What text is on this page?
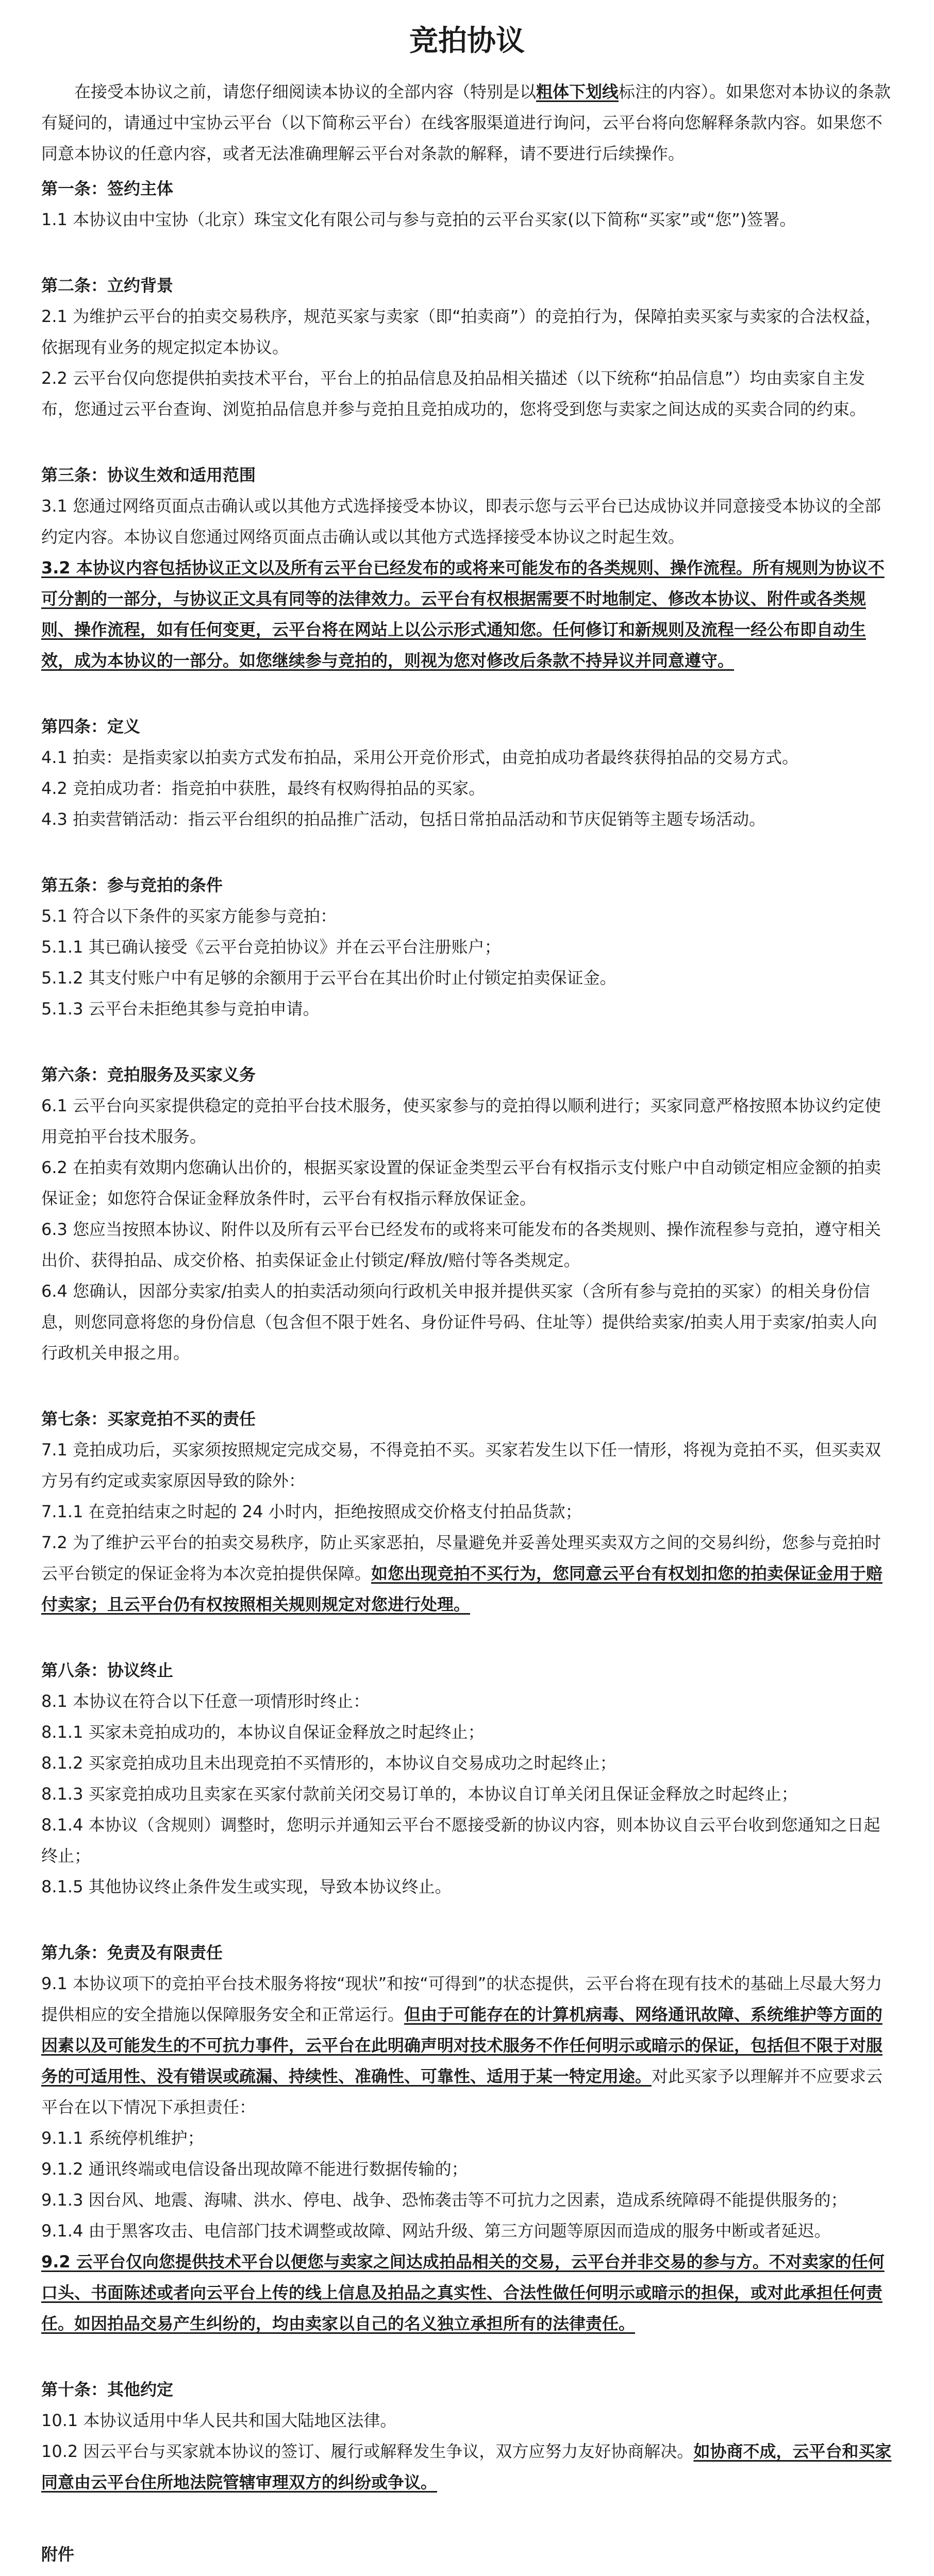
竞拍协议

在接受本协议之前，请您仔细阅读本协议的全部内容（特别是以粗体下划线标注的内容）。如果您对本协议的条款有疑问的，请通过中宝协云平台（以下简称云平台）在线客服渠道进行询问，云平台将向您解释条款内容。如果您不同意本协议的任意内容，或者无法准确理解云平台对条款的解释，请不要进行后续操作。

第一条：签约主体

1.1 本协议由中宝协（北京）珠宝文化有限公司与参与竞拍的云平台买家(以下简称“买家”或“您”)签署。

第二条：立约背景

2.1 为维护云平台的拍卖交易秩序，规范买家与卖家（即“拍卖商”）的竞拍行为，保障拍卖买家与卖家的合法权益，依据现有业务的规定拟定本协议。

2.2 云平台仅向您提供拍卖技术平台，平台上的拍品信息及拍品相关描述（以下统称“拍品信息”）均由卖家自主发布，您通过云平台查询、浏览拍品信息并参与竞拍且竞拍成功的，您将受到您与卖家之间达成的买卖合同的约束。

第三条：协议生效和适用范围

3.1 您通过网络页面点击确认或以其他方式选择接受本协议，即表示您与云平台已达成协议并同意接受本协议的全部约定内容。本协议自您通过网络页面点击确认或以其他方式选择接受本协议之时起生效。

3.2 本协议内容包括协议正文以及所有云平台已经发布的或将来可能发布的各类规则、操作流程。所有规则为协议不可分割的一部分，与协议正文具有同等的法律效力。云平台有权根据需要不时地制定、修改本协议、附件或各类规则、操作流程，如有任何变更，云平台将在网站上以公示形式通知您。任何修订和新规则及流程一经公布即自动生效，成为本协议的一部分。如您继续参与竞拍的，则视为您对修改后条款不持异议并同意遵守。

第四条：定义

4.1 拍卖：是指卖家以拍卖方式发布拍品，采用公开竞价形式，由竞拍成功者最终获得拍品的交易方式。

4.2 竞拍成功者：指竞拍中获胜，最终有权购得拍品的买家。

4.3 拍卖营销活动：指云平台组织的拍品推广活动，包括日常拍品活动和节庆促销等主题专场活动。

第五条：参与竞拍的条件

5.1 符合以下条件的买家方能参与竞拍：

5.1.1 其已确认接受《云平台竞拍协议》并在云平台注册账户；

5.1.2 其支付账户中有足够的余额用于云平台在其出价时止付锁定拍卖保证金。

5.1.3 云平台未拒绝其参与竞拍申请。

第六条：竞拍服务及买家义务

6.1 云平台向买家提供稳定的竞拍平台技术服务，使买家参与的竞拍得以顺利进行；买家同意严格按照本协议约定使用竞拍平台技术服务。

6.2 在拍卖有效期内您确认出价的，根据买家设置的保证金类型云平台有权指示支付账户中自动锁定相应金额的拍卖保证金；如您符合保证金释放条件时，云平台有权指示释放保证金。

6.3 您应当按照本协议、附件以及所有云平台已经发布的或将来可能发布的各类规则、操作流程参与竞拍，遵守相关出价、获得拍品、成交价格、拍卖保证金止付锁定/释放/赔付等各类规定。

6.4 您确认，因部分卖家/拍卖人的拍卖活动须向行政机关申报并提供买家（含所有参与竞拍的买家）的相关身份信息，则您同意将您的身份信息（包含但不限于姓名、身份证件号码、住址等）提供给卖家/拍卖人用于卖家/拍卖人向行政机关申报之用。

第七条：买家竞拍不买的责任

7.1 竞拍成功后，买家须按照规定完成交易，不得竞拍不买。买家若发生以下任一情形，将视为竞拍不买，但买卖双方另有约定或卖家原因导致的除外：

7.1.1 在竞拍结束之时起的 24 小时内，拒绝按照成交价格支付拍品货款；

7.2 为了维护云平台的拍卖交易秩序，防止买家恶拍，尽量避免并妥善处理买卖双方之间的交易纠纷，您参与竞拍时云平台锁定的保证金将为本次竞拍提供保障。如您出现竞拍不买行为，您同意云平台有权划扣您的拍卖保证金用于赔付卖家；且云平台仍有权按照相关规则规定对您进行处理。

第八条：协议终止

8.1 本协议在符合以下任意一项情形时终止：

8.1.1 买家未竞拍成功的，本协议自保证金释放之时起终止；

8.1.2 买家竞拍成功且未出现竞拍不买情形的，本协议自交易成功之时起终止；

8.1.3 买家竞拍成功且卖家在买家付款前关闭交易订单的，本协议自订单关闭且保证金释放之时起终止；

8.1.4 本协议（含规则）调整时，您明示并通知云平台不愿接受新的协议内容，则本协议自云平台收到您通知之日起终止；

8.1.5 其他协议终止条件发生或实现，导致本协议终止。

第九条：免责及有限责任

9.1 本协议项下的竞拍平台技术服务将按“现状”和按“可得到”的状态提供，云平台将在现有技术的基础上尽最大努力提供相应的安全措施以保障服务安全和正常运行。但由于可能存在的计算机病毒、网络通讯故障、系统维护等方面的因素以及可能发生的不可抗力事件，云平台在此明确声明对技术服务不作任何明示或暗示的保证，包括但不限于对服务的可适用性、没有错误或疏漏、持续性、准确性、可靠性、适用于某一特定用途。对此买家予以理解并不应要求云平台在以下情况下承担责任：

9.1.1 系统停机维护；

9.1.2 通讯终端或电信设备出现故障不能进行数据传输的；

9.1.3 因台风、地震、海啸、洪水、停电、战争、恐怖袭击等不可抗力之因素，造成系统障碍不能提供服务的；

9.1.4 由于黑客攻击、电信部门技术调整或故障、网站升级、第三方问题等原因而造成的服务中断或者延迟。

9.2 云平台仅向您提供技术平台以便您与卖家之间达成拍品相关的交易，云平台并非交易的参与方。不对卖家的任何口头、书面陈述或者向云平台上传的线上信息及拍品之真实性、合法性做任何明示或暗示的担保，或对此承担任何责任。如因拍品交易产生纠纷的，均由卖家以自己的名义独立承担所有的法律责任。

第十条：其他约定

10.1 本协议适用中华人民共和国大陆地区法律。

10.2 因云平台与买家就本协议的签订、履行或解释发生争议，双方应努力友好协商解决。如协商不成，云平台和买家同意由云平台住所地法院管辖审理双方的纠纷或争议。

附件
